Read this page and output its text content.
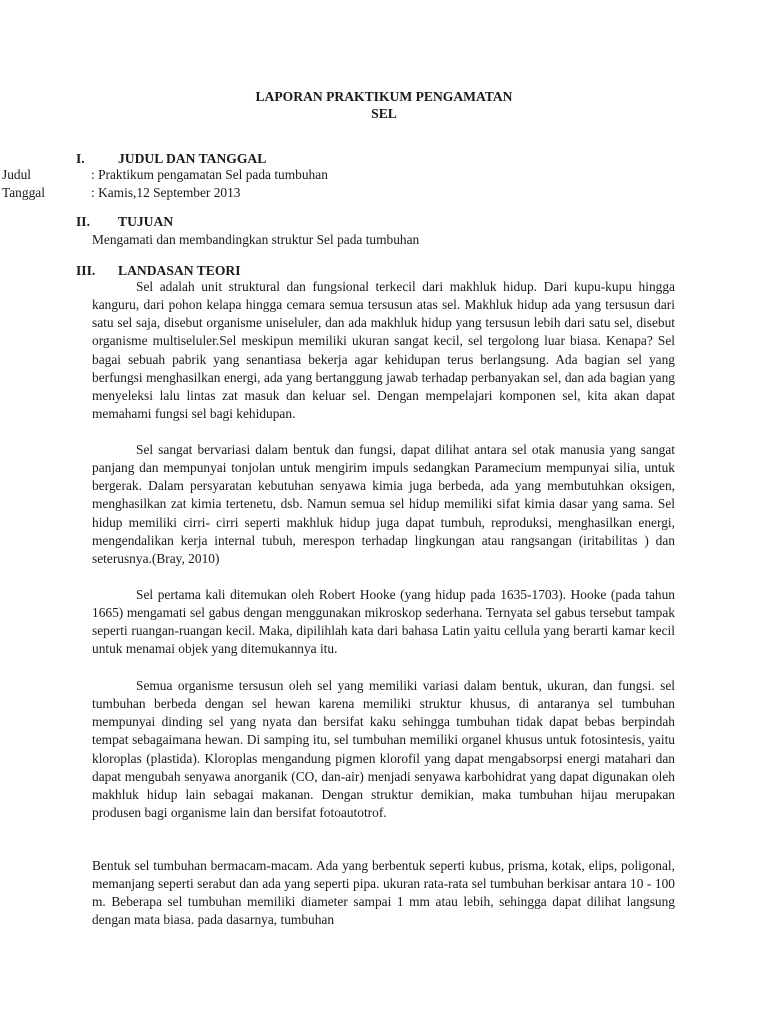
LAPORAN PRAKTIKUM PENGAMATAN
SEL
I. JUDUL DAN TANGGAL
Judul	: Praktikum pengamatan Sel pada tumbuhan
Tanggal	: Kamis,12 September 2013
II. TUJUAN
Mengamati dan membandingkan struktur Sel pada tumbuhan
III. LANDASAN TEORI

Sel adalah unit struktural dan fungsional terkecil dari makhluk hidup. Dari kupu-kupu hingga kanguru, dari pohon kelapa hingga cemara semua tersusun atas sel. Makhluk hidup ada yang tersusun dari satu sel saja, disebut organisme uniseluler, dan ada makhluk hidup yang tersusun lebih dari satu sel, disebut organisme multiseluler.Sel meskipun memiliki ukuran sangat kecil, sel tergolong luar biasa. Kenapa? Sel bagai sebuah pabrik yang senantiasa bekerja agar kehidupan terus berlangsung. Ada bagian sel yang berfungsi menghasilkan energi, ada yang bertanggung jawab terhadap perbanyakan sel, dan ada bagian yang menyeleksi lalu lintas zat masuk dan keluar sel. Dengan mempelajari komponen sel, kita akan dapat memahami fungsi sel bagi kehidupan.

Sel sangat bervariasi dalam bentuk dan fungsi, dapat dilihat antara sel otak manusia yang sangat panjang dan mempunyai tonjolan untuk mengirim impuls sedangkan Paramecium mempunyai silia, untuk bergerak. Dalam persyaratan kebutuhan senyawa kimia juga berbeda, ada yang membutuhkan oksigen, menghasilkan zat kimia tertenetu, dsb. Namun semua sel hidup memiliki sifat kimia dasar yang sama. Sel hidup memiliki cirri- cirri seperti makhluk hidup juga dapat tumbuh, reproduksi, menghasilkan energi, mengendalikan kerja internal tubuh, merespon terhadap lingkungan atau rangsangan (iritabilitas ) dan seterusnya.(Bray, 2010)

Sel pertama kali ditemukan oleh Robert Hooke (yang hidup pada 1635-1703). Hooke (pada tahun 1665) mengamati sel gabus dengan menggunakan mikroskop sederhana. Ternyata sel gabus tersebut tampak seperti ruangan-ruangan kecil. Maka, dipilihlah kata dari bahasa Latin yaitu cellula yang berarti kamar kecil untuk menamai objek yang ditemukannya itu.

Semua organisme tersusun oleh sel yang memiliki variasi dalam bentuk, ukuran, dan fungsi. sel tumbuhan berbeda dengan sel hewan karena memiliki struktur khusus, di antaranya sel tumbuhan mempunyai dinding sel yang nyata dan bersifat kaku sehingga tumbuhan tidak dapat bebas berpindah tempat sebagaimana hewan. Di samping itu, sel tumbuhan memiliki organel khusus untuk fotosintesis, yaitu kloroplas (plastida). Kloroplas mengandung pigmen klorofil yang dapat mengabsorpsi energi matahari dan dapat mengubah senyawa anorganik (CO, dan-air) menjadi senyawa karbohidrat yang dapat digunakan oleh makhluk hidup lain sebagai makanan. Dengan struktur demikian, maka tumbuhan hijau merupakan produsen bagi organisme lain dan bersifat fotoautotrof.

Bentuk sel tumbuhan bermacam-macam. Ada yang berbentuk seperti kubus, prisma, kotak, elips, poligonal, memanjang seperti serabut dan ada yang seperti pipa. ukuran rata-rata sel tumbuhan berkisar antara 10 - 100 m. Beberapa sel tumbuhan memiliki diameter sampai 1 mm atau lebih, sehingga dapat dilihat langsung dengan mata biasa. pada dasarnya, tumbuhan
